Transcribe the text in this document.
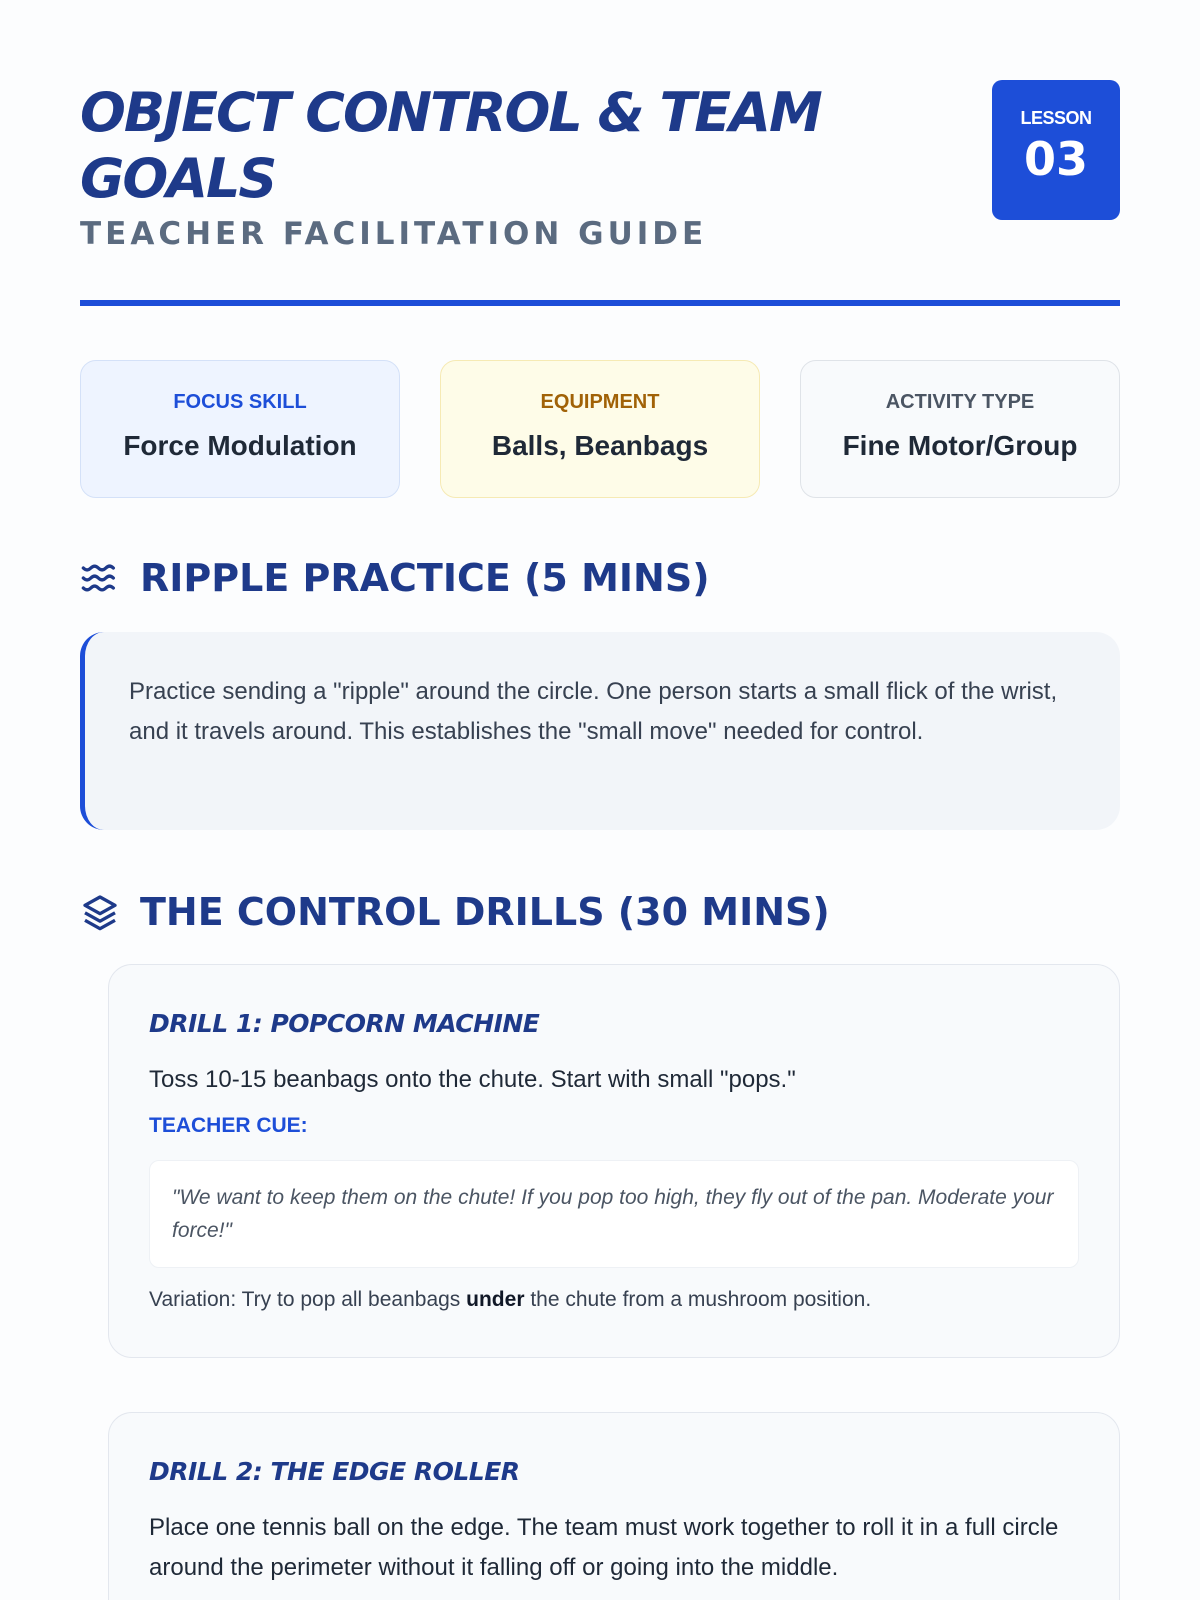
OBJECT CONTROL & TEAM GOALS
TEACHER FACILITATION GUIDE
LESSON
03
FOCUS SKILL
Force Modulation
EQUIPMENT
Balls, Beanbags
ACTIVITY TYPE
Fine Motor/Group
RIPPLE PRACTICE (5 MINS)

Practice sending a "ripple" around the circle. One person starts a small flick of the wrist, and it travels around. This establishes the "small move" needed for control.

THE CONTROL DRILLS (30 MINS)
DRILL 1: POPCORN MACHINE

Toss 10-15 beanbags onto the chute. Start with small "pops."

TEACHER CUE:
"We want to keep them on the chute! If you pop too high, they fly out of the pan. Moderate your force!"

Variation: Try to pop all beanbags under the chute from a mushroom position.

DRILL 2: THE EDGE ROLLER

Place one tennis ball on the edge. The team must work together to roll it in a full circle around the perimeter without it falling off or going into the middle.
